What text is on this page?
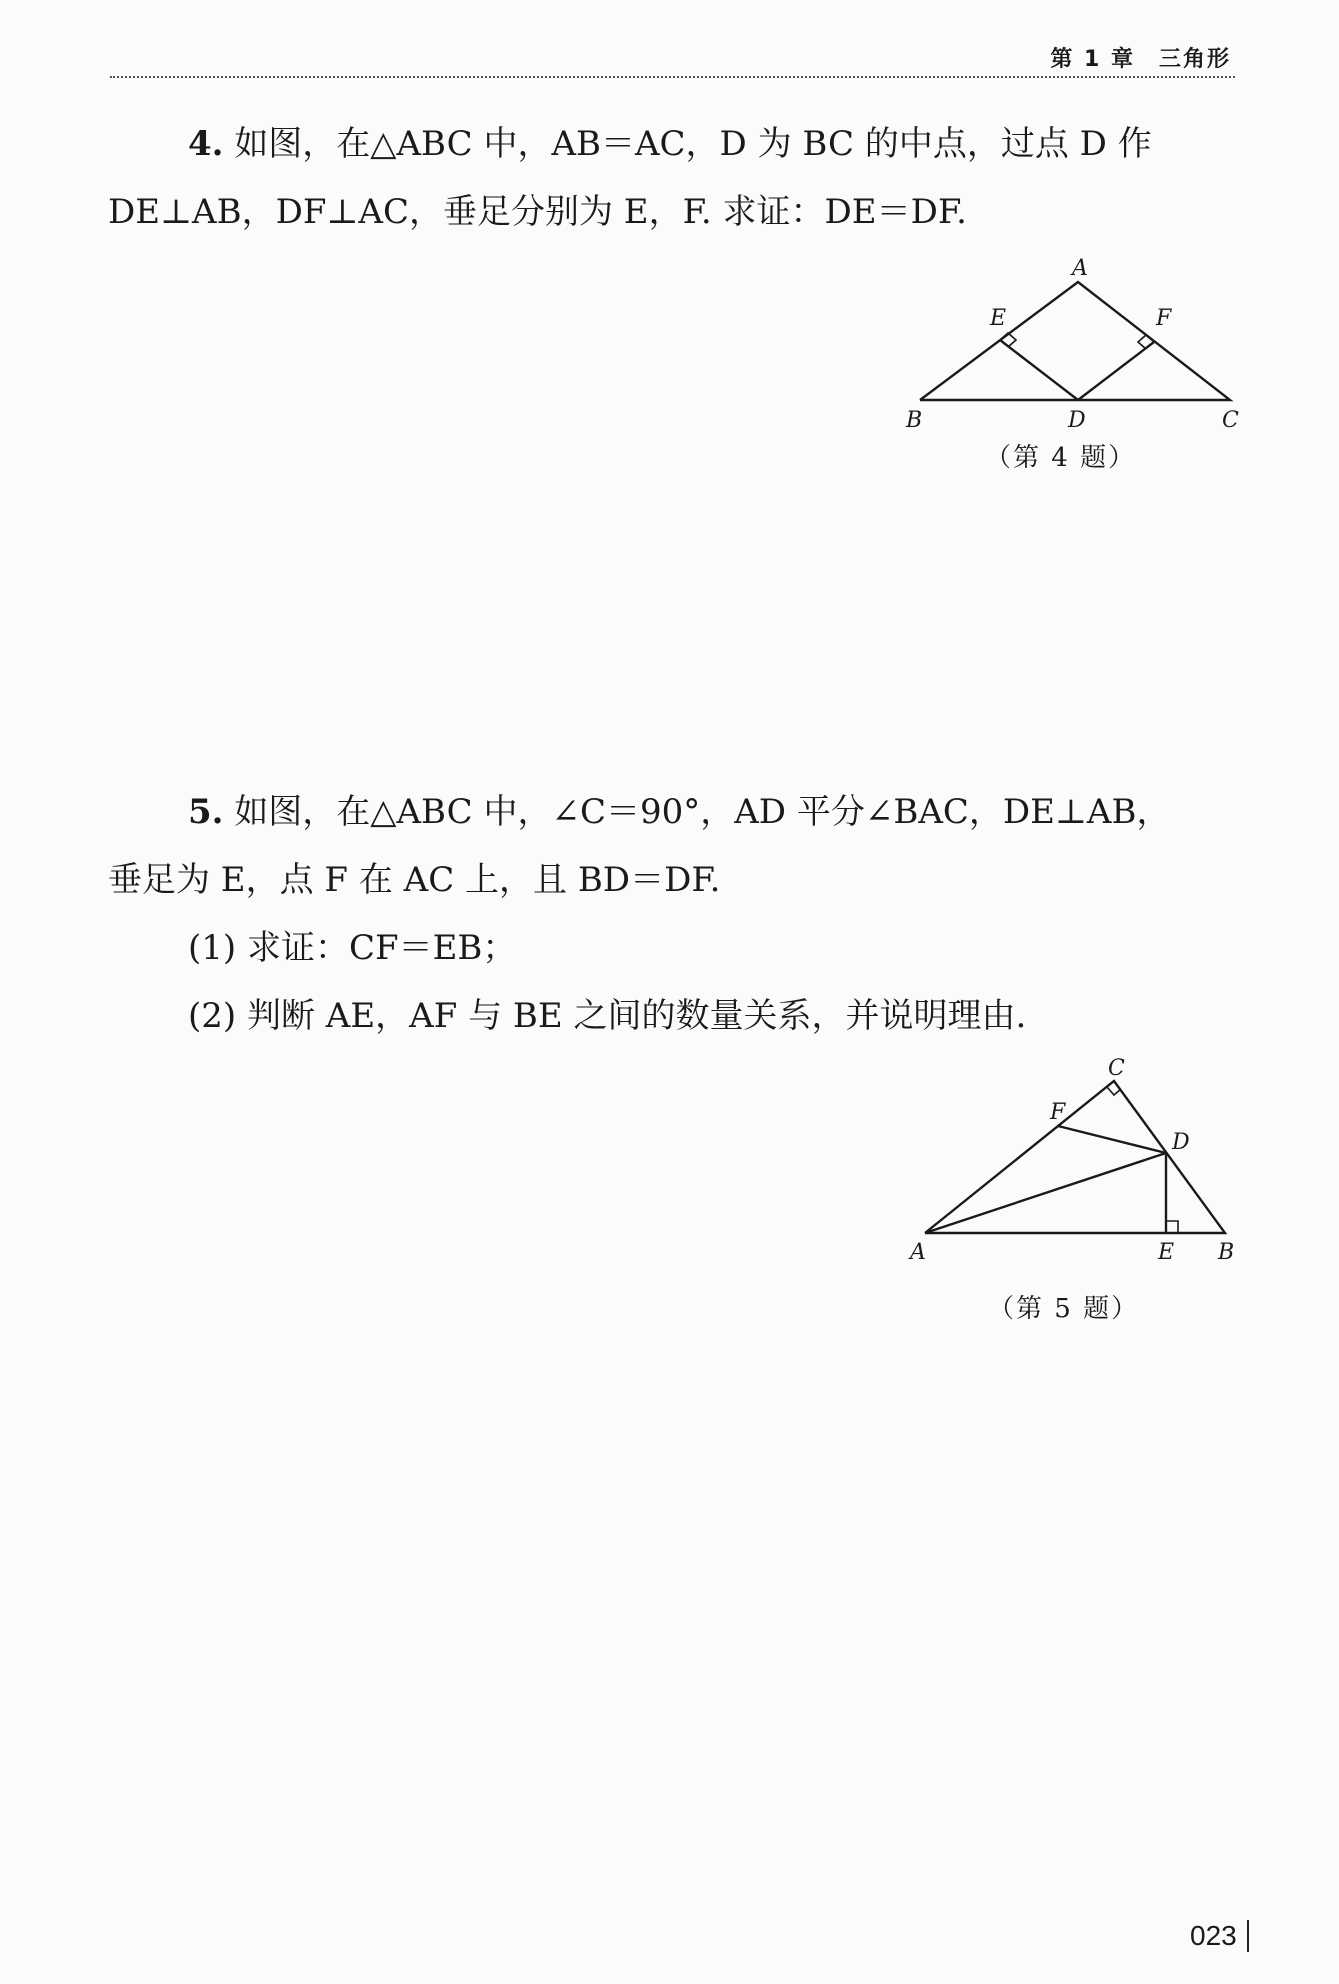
第 1 章　三角形
4. 如图，在△ABC 中，AB＝AC，D 为 BC 的中点，过点 D 作
DE⊥AB，DF⊥AC，垂足分别为 E，F. 求证：DE＝DF.
A
B	C
D
E	F
（第 4 题）
5. 如图，在△ABC 中，∠C＝90°，AD 平分∠BAC，DE⊥AB，
垂足为 E，点 F 在 AC 上，且 BD＝DF.
(1) 求证：CF＝EB；
(2) 判断 AE，AF 与 BE 之间的数量关系，并说明理由.
C
F
D
A	E B
（第 5 题）
023
